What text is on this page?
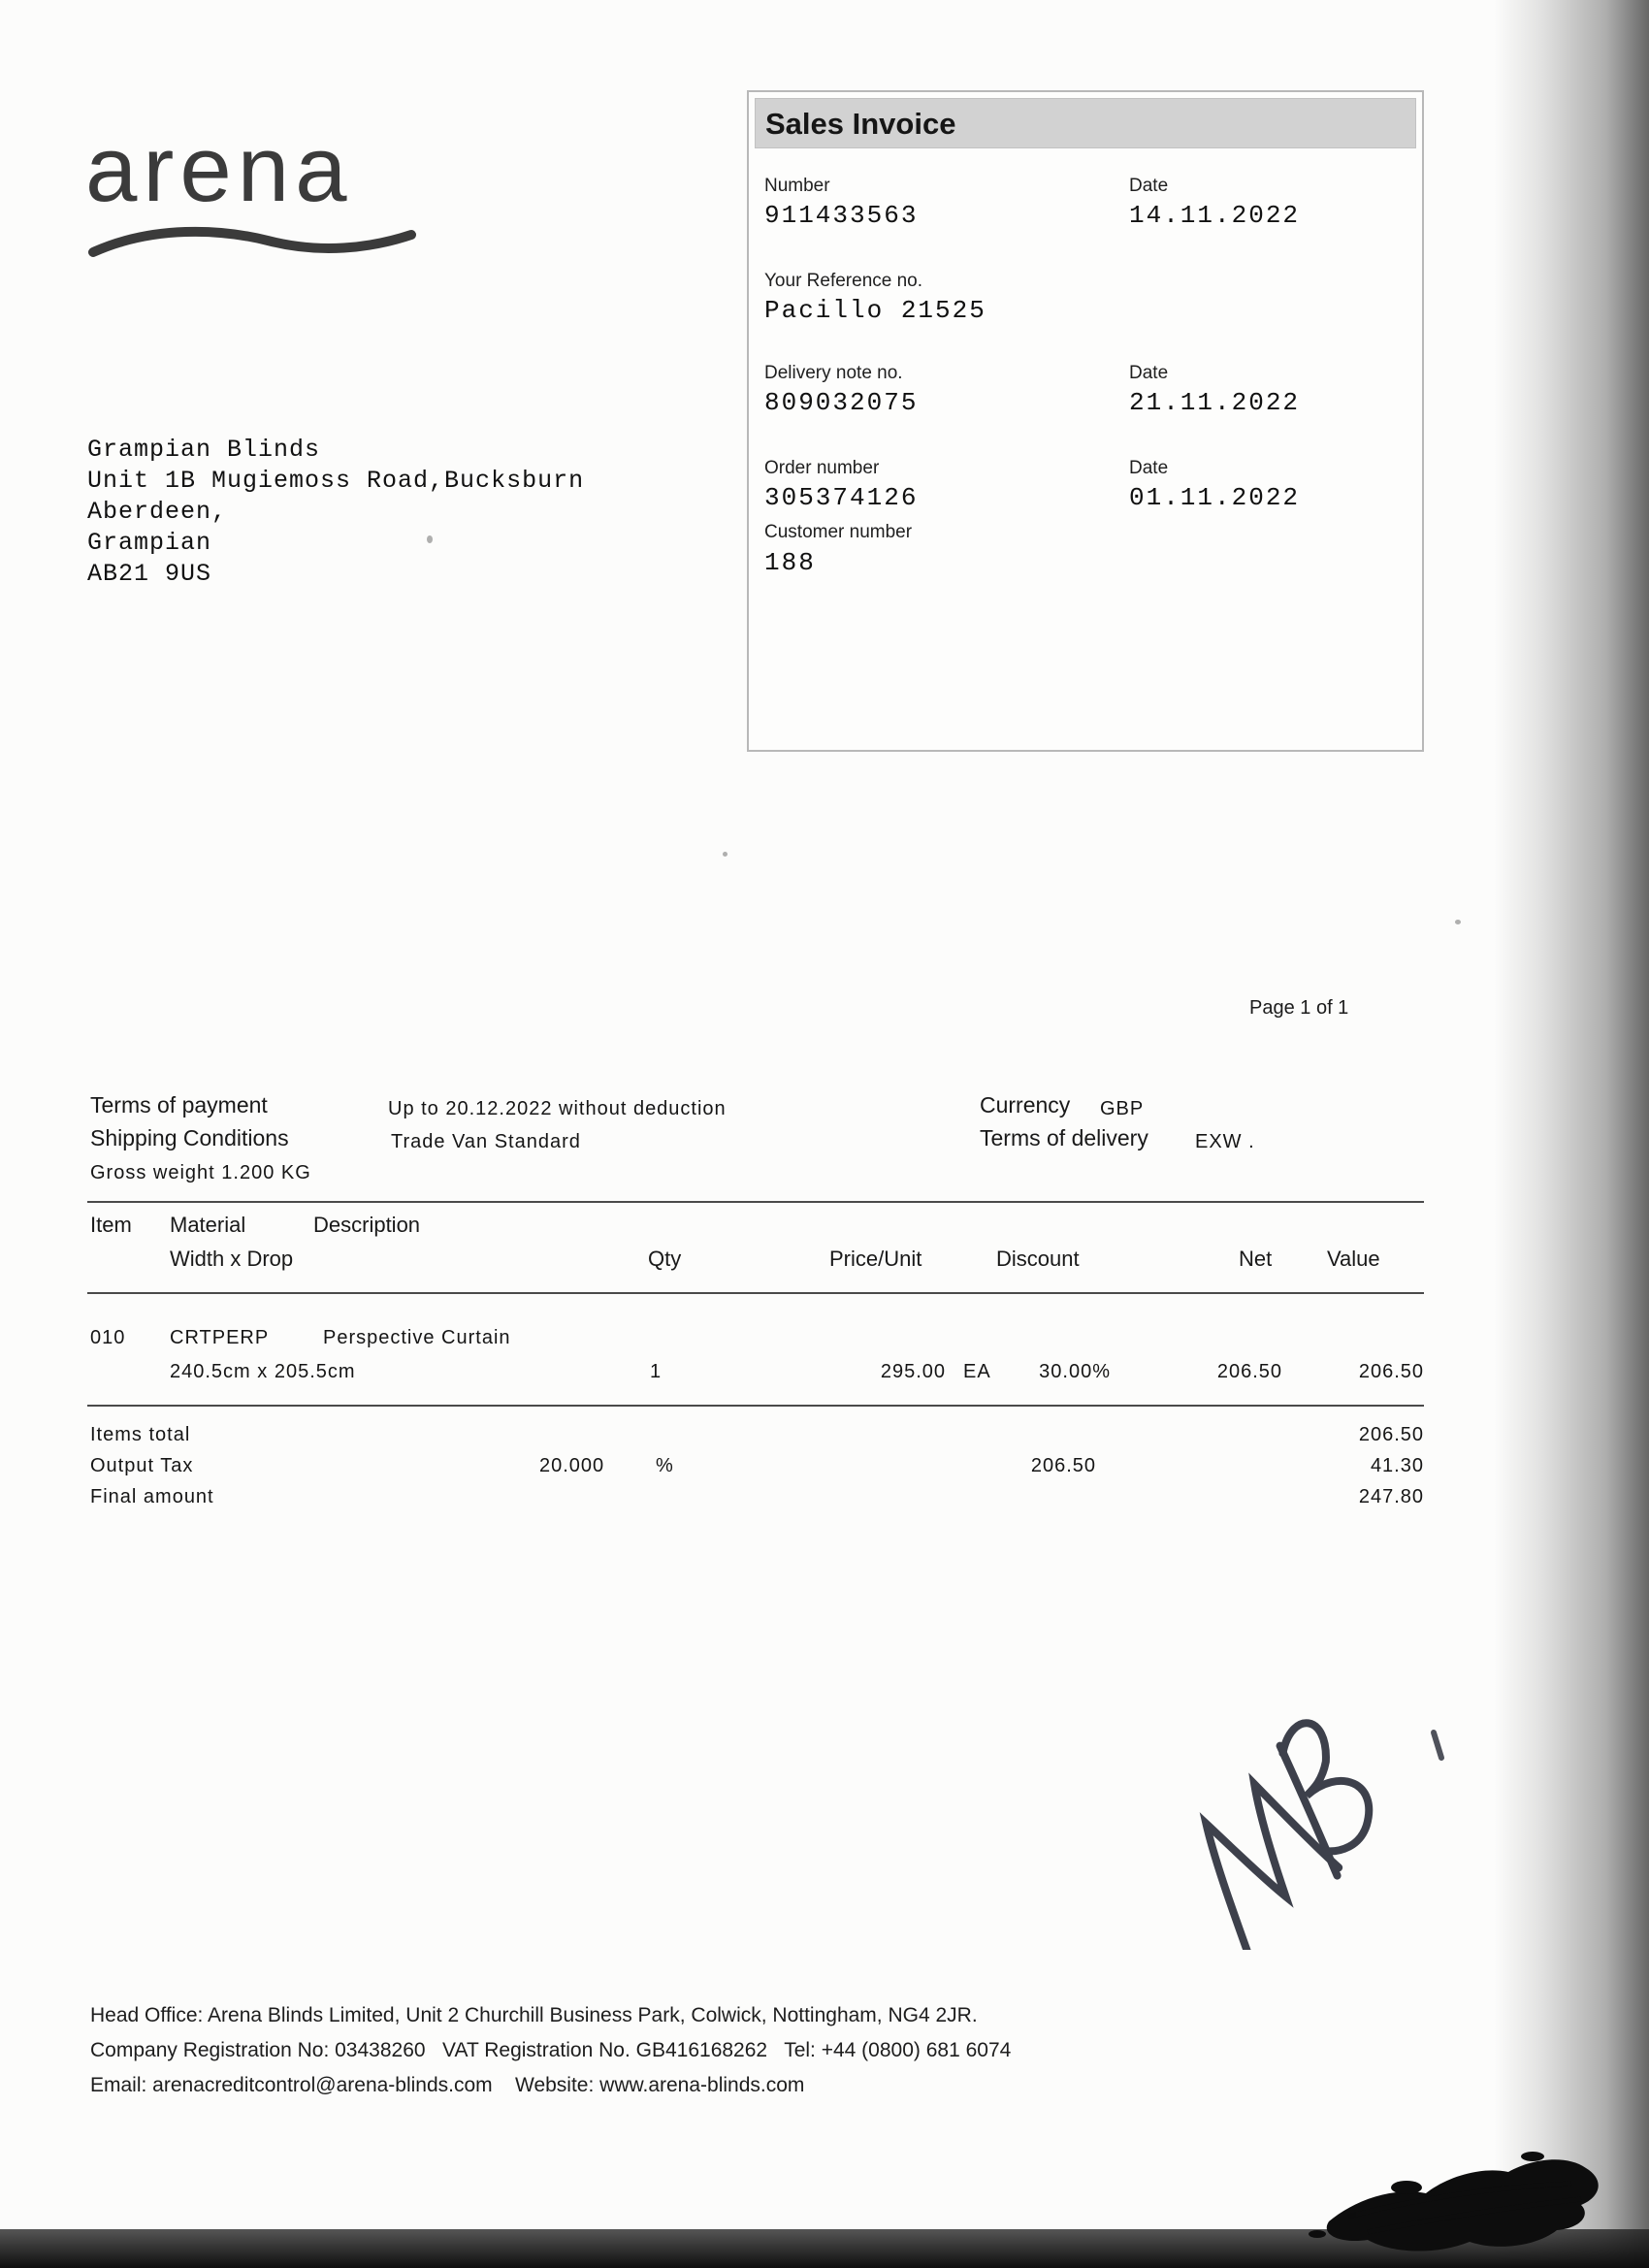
arena	Sales Invoice
Number
911433563
Date
14.11.2022
Your Reference no.
Pacillo 21525
Delivery note no.
809032075
Date
21.11.2022
Order number
305374126
Date
01.11.2022
Customer number
188
Grampian Blinds
Unit 1B Mugiemoss Road,Bucksburn
Aberdeen,
Grampian
AB21 9US
Page 1 of 1
Terms of payment	Up to 20.12.2022 without deduction
Shipping Conditions	Trade Van Standard
Gross weight 1.200 KG
Currency GBP
Terms of delivery EXW .
Item Material	Description
Width x Drop	Qty	Price/Unit	Discount	Net	Value
010 CRTPERP	Perspective Curtain
240.5cm x 205.5cm	1	295.00 EA 30.00%	206.50	206.50
Items total	206.50
Output Tax	20.000	%	206.50	41.30
Final amount	247.80
Head Office: Arena Blinds Limited, Unit 2 Churchill Business Park, Colwick, Nottingham, NG4 2JR.
Company Registration No: 03438260   VAT Registration No. GB416168262   Tel: +44 (0800) 681 6074
Email: arenacreditcontrol@arena-blinds.com    Website: www.arena-blinds.com
